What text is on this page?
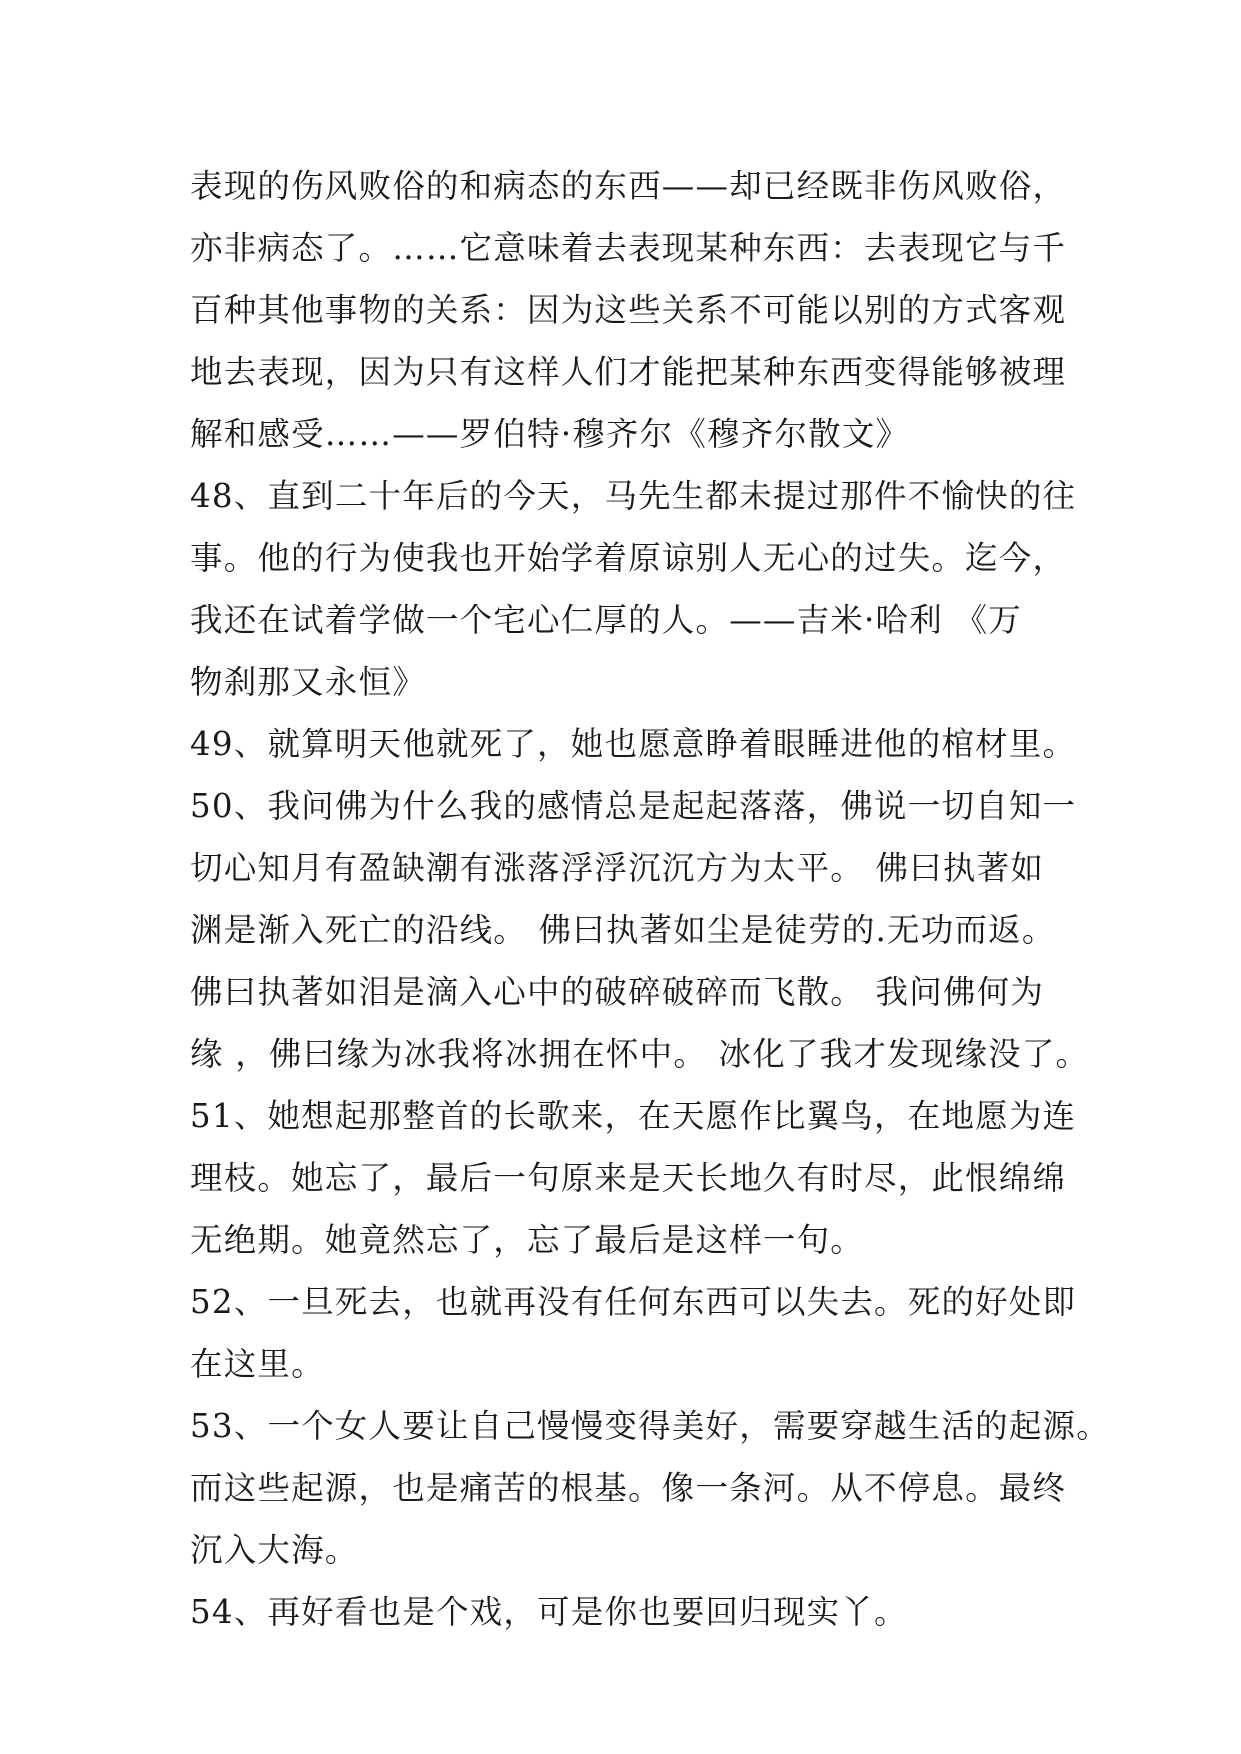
表现的伤风败俗的和病态的东西——却已经既非伤风败俗，
亦非病态了。……它意味着去表现某种东西：去表现它与千
百种其他事物的关系：因为这些关系不可能以别的方式客观
地去表现，因为只有这样人们才能把某种东西变得能够被理
解和感受……——罗伯特·穆齐尔《穆齐尔散文》
48、直到二十年后的今天，马先生都未提过那件不愉快的往
事。他的行为使我也开始学着原谅别人无心的过失。迄今，
我还在试着学做一个宅心仁厚的人。——吉米·哈利 《万
物刹那又永恒》
49、就算明天他就死了，她也愿意睁着眼睡进他的棺材里。
50、我问佛为什么我的感情总是起起落落，佛说一切自知一
切心知月有盈缺潮有涨落浮浮沉沉方为太平。 佛曰执著如
渊是渐入死亡的沿线。 佛曰执著如尘是徒劳的.无功而返。
佛曰执著如泪是滴入心中的破碎破碎而飞散。 我问佛何为
缘 ，佛曰缘为冰我将冰拥在怀中。 冰化了我才发现缘没了。
51、她想起那整首的长歌来，在天愿作比翼鸟，在地愿为连
理枝。她忘了，最后一句原来是天长地久有时尽，此恨绵绵
无绝期。她竟然忘了，忘了最后是这样一句。
52、一旦死去，也就再没有任何东西可以失去。死的好处即
在这里。
53、一个女人要让自己慢慢变得美好，需要穿越生活的起源。
而这些起源，也是痛苦的根基。像一条河。从不停息。最终
沉入大海。
54、再好看也是个戏，可是你也要回归现实丫。
